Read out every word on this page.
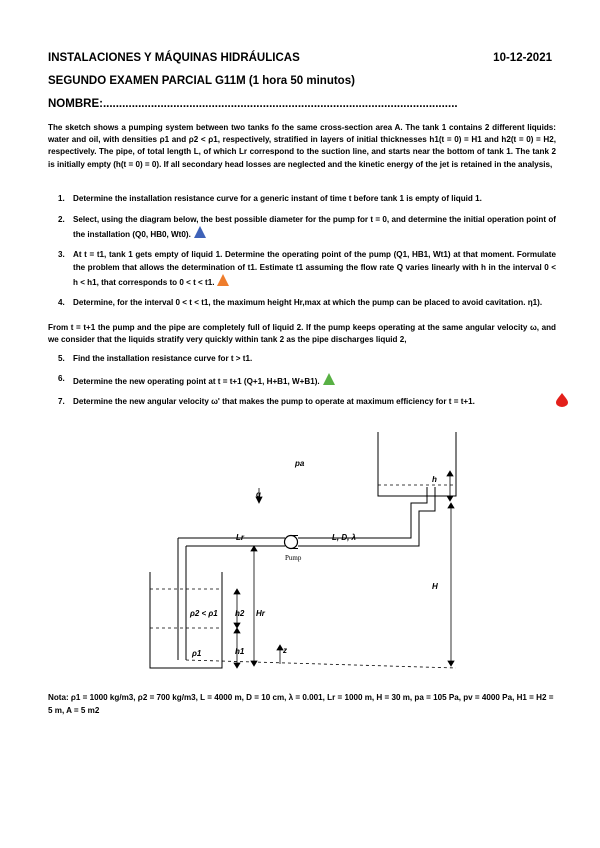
INSTALACIONES Y MÁQUINAS HIDRÁULICAS	10-12-2021
SEGUNDO EXAMEN PARCIAL G11M (1 hora 50 minutos)
NOMBRE:...............................................................................................................
The sketch shows a pumping system between two tanks fo the same cross-section area A. The tank 1 contains 2 different liquids: water and oil, with densities ρ1 and ρ2 < ρ1, respectively, stratified in layers of initial thicknesses h1(t = 0) = H1 and h2(t = 0) = H2, respectively. The pipe, of total length L, of which Lr correspond to the suction line, and starts near the bottom of tank 1. The tank 2 is initially empty (h(t = 0) = 0). If all secondary head losses are neglected and the kinetic energy of the jet is retained in the analysis,
1. Determine the installation resistance curve for a generic instant of time t before tank 1 is empty of liquid 1.
2. Select, using the diagram below, the best possible diameter for the pump for t = 0, and determine the initial operation point of the installation (Q0, HB0, Wt0).
3. At t = t1, tank 1 gets empty of liquid 1. Determine the operating point of the pump (Q1, HB1, Wt1) at that moment. Formulate the problem that allows the determination of t1. Estimate t1 assuming the flow rate Q varies linearly with h in the interval 0 < h < h1, that corresponds to 0 < t < t1.
4. Determine, for the interval 0 < t < t1, the maximum height Hr,max at which the pump can be placed to avoid cavitation. η1).
From t = t+1 the pump and the pipe are completely full of liquid 2. If the pump keeps operating at the same angular velocity ω, and we consider that the liquids stratify very quickly within tank 2 as the pipe discharges liquid 2,
5. Find the installation resistance curve for t > t1.
6. Determine the new operating point at t = t+1 (Q+1, H+B1, W+B1).
7. Determine the new angular velocity ω' that makes the pump to operate at maximum efficiency for t = t+1.
pa
g
h
H
Lr	L, D, λ
ρ2 < ρ1 h2 Hr
ρ1	h1	z
Pump
Nota: ρ1 = 1000 kg/m3, ρ2 = 700 kg/m3, L = 4000 m, D = 10 cm, λ = 0.001, Lr = 1000 m, H = 30 m, pa = 105 Pa, pv = 4000 Pa, H1 = H2 = 5 m, A = 5 m2
